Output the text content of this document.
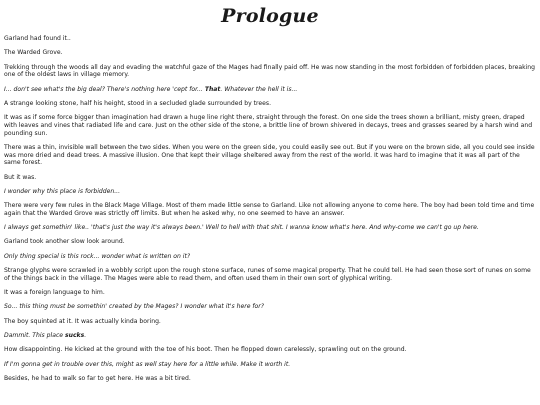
Prologue
Garland had found it..
The Warded Grove.
Trekking through the woods all day and evading the watchful gaze of the Mages had finally paid off. He was now standing in the most forbidden of forbidden places, breaking one of the oldest laws in village memory.
I... don't see what's the big deal? There's nothing here 'cept for... That. Whatever the hell it is...
A strange looking stone, half his height, stood in a secluded glade surrounded by trees.
It was as if some force bigger than imagination had drawn a huge line right there, straight through the forest. On one side the trees shown a brilliant, misty green, draped with leaves and vines that radiated life and care. Just on the other side of the stone, a brittle line of brown shivered in decays, trees and grasses seared by a harsh wind and pounding sun.
There was a thin, invisible wall between the two sides. When you were on the green side, you could easily see out. But if you were on the brown side, all you could see inside was more dried and dead trees. A massive illusion. One that kept their village sheltered away from the rest of the world. It was hard to imagine that it was all part of the same forest.
But it was.
I wonder why this place is forbidden...
There were very few rules in the Black Mage Village. Most of them made little sense to Garland. Like not allowing anyone to come here. The boy had been told time and time again that the Warded Grove was strictly off limits. But when he asked why, no one seemed to have an answer.
I always get somethin' like.. 'that's just the way it's always been.' Well to hell with that shit. I wanna know what's here. And why-come we can't go up here.
Garland took another slow look around.
Only thing special is this rock... wonder what is written on it?
Strange glyphs were scrawled in a wobbly script upon the rough stone surface, runes of some magical property. That he could tell. He had seen those sort of runes on some of the things back in the village. The Mages were able to read them, and often used them in their own sort of glyphical writing.
It was a foreign language to him.
So... this thing must be somethin' created by the Mages? I wonder what it's here for?
The boy squinted at it. It was actually kinda boring.
Dammit. This place sucks.
How disappointing. He kicked at the ground with the toe of his boot. Then he flopped down carelessly, sprawling out on the ground.
If I'm gonna get in trouble over this, might as well stay here for a little while. Make it worth it.
Besides, he had to walk so far to get here. He was a bit tired.
